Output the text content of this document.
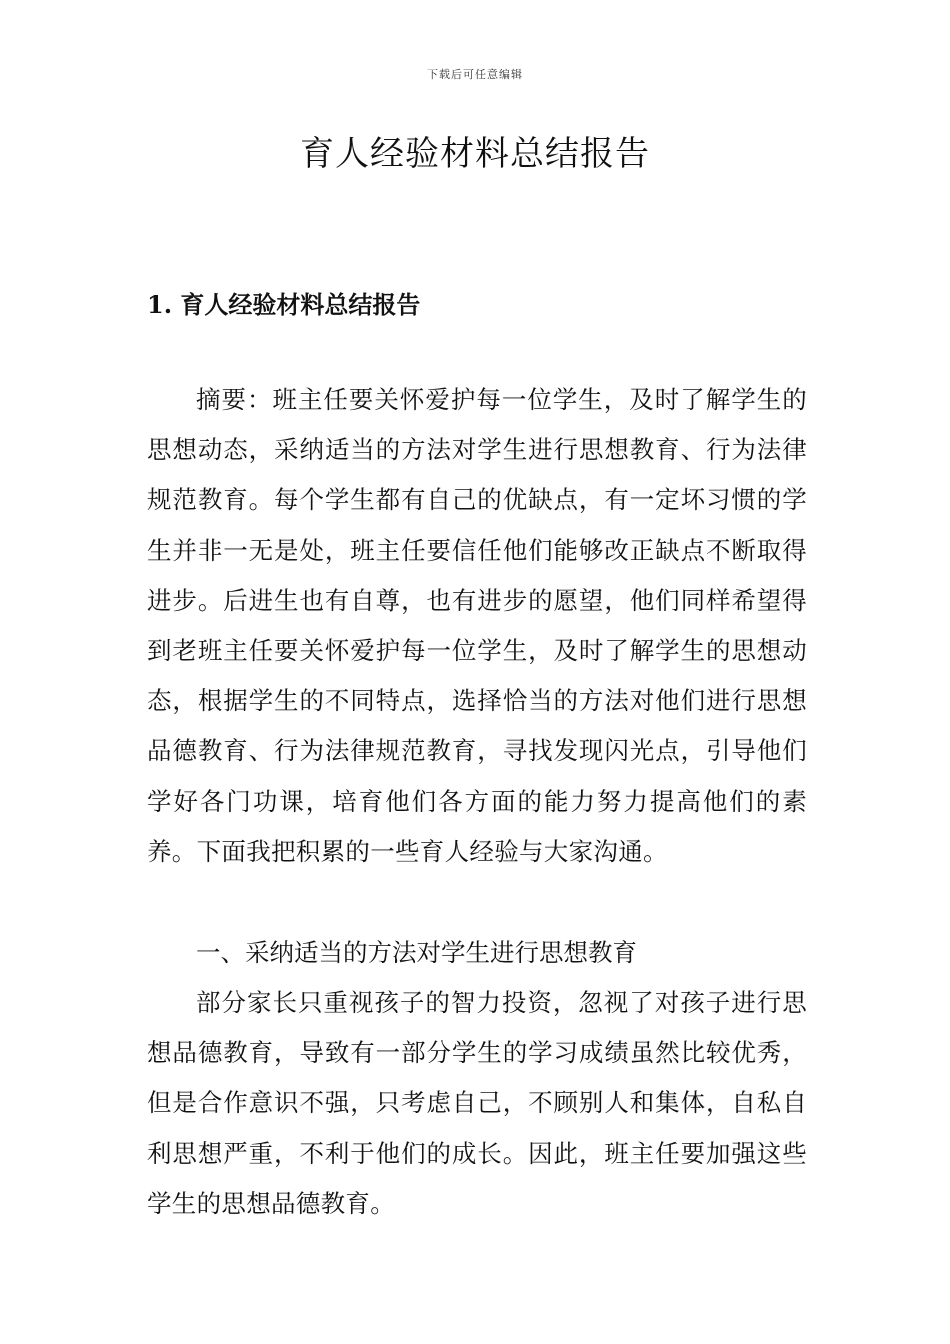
下载后可任意编辑
育人经验材料总结报告
1. 育人经验材料总结报告

摘要：班主任要关怀爱护每一位学生，及时了解学生的思想动态，采纳适当的方法对学生进行思想教育、行为法律规范教育。每个学生都有自己的优缺点，有一定坏习惯的学生并非一无是处，班主任要信任他们能够改正缺点不断取得进步。后进生也有自尊，也有进步的愿望，他们同样希望得到老班主任要关怀爱护每一位学生，及时了解学生的思想动态，根据学生的不同特点，选择恰当的方法对他们进行思想品德教育、行为法律规范教育，寻找发现闪光点，引导他们学好各门功课，培育他们各方面的能力努力提高他们的素养。下面我把积累的一些育人经验与大家沟通。

一、采纳适当的方法对学生进行思想教育

部分家长只重视孩子的智力投资，忽视了对孩子进行思想品德教育，导致有一部分学生的学习成绩虽然比较优秀，但是合作意识不强，只考虑自己，不顾别人和集体，自私自利思想严重，不利于他们的成长。因此，班主任要加强这些学生的思想品德教育。
